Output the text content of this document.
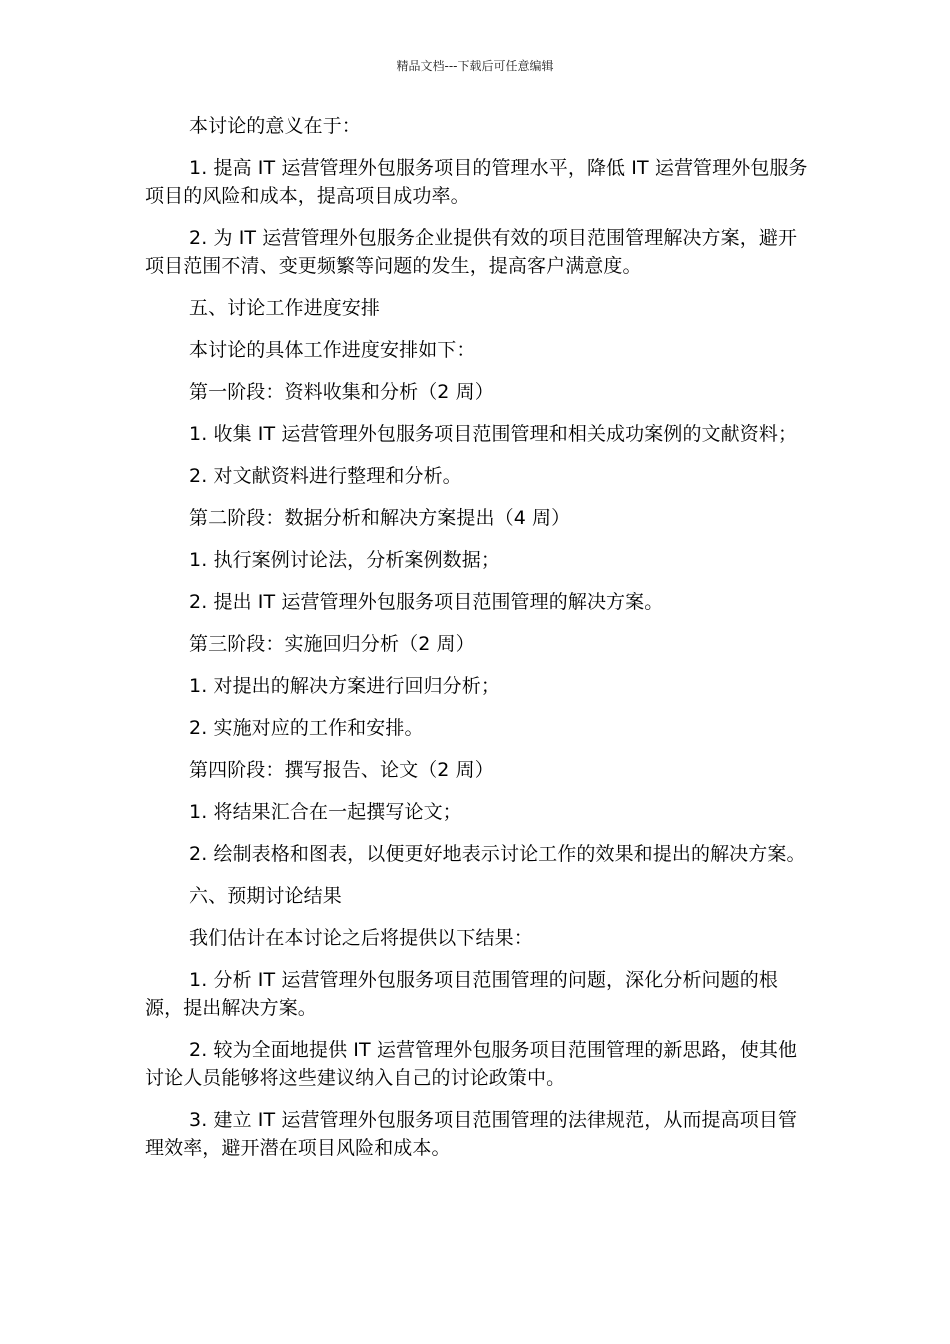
精品文档---下载后可任意编辑

本讨论的意义在于：

1. 提高 IT 运营管理外包服务项目的管理水平，降低 IT 运营管理外包服务项目的风险和成本，提高项目成功率。

2. 为 IT 运营管理外包服务企业提供有效的项目范围管理解决方案，避开项目范围不清、变更频繁等问题的发生，提高客户满意度。

五、讨论工作进度安排

本讨论的具体工作进度安排如下：

第一阶段：资料收集和分析（2 周）

1. 收集 IT 运营管理外包服务项目范围管理和相关成功案例的文献资料；

2. 对文献资料进行整理和分析。

第二阶段：数据分析和解决方案提出（4 周）

1. 执行案例讨论法，分析案例数据；

2. 提出 IT 运营管理外包服务项目范围管理的解决方案。

第三阶段：实施回归分析（2 周）

1. 对提出的解决方案进行回归分析；

2. 实施对应的工作和安排。

第四阶段：撰写报告、论文（2 周）

1. 将结果汇合在一起撰写论文；

2. 绘制表格和图表，以便更好地表示讨论工作的效果和提出的解决方案。

六、预期讨论结果

我们估计在本讨论之后将提供以下结果：

1. 分析 IT 运营管理外包服务项目范围管理的问题，深化分析问题的根源，提出解决方案。

2. 较为全面地提供 IT 运营管理外包服务项目范围管理的新思路，使其他讨论人员能够将这些建议纳入自己的讨论政策中。

3. 建立 IT 运营管理外包服务项目范围管理的法律规范，从而提高项目管理效率，避开潜在项目风险和成本。
